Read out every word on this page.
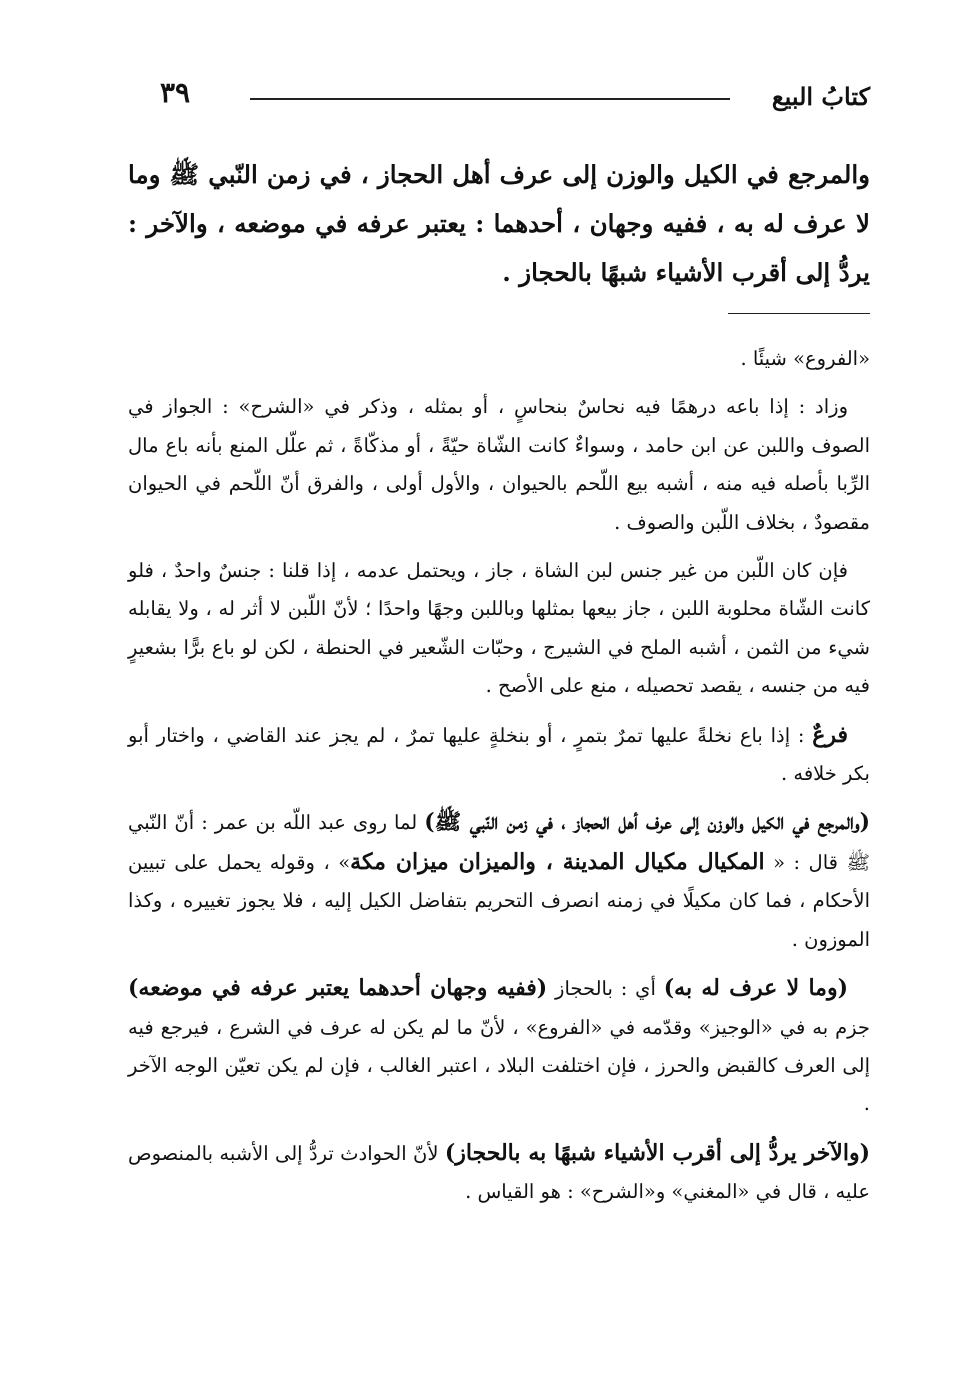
كتابُ البيع
٣٩
والمرجع في الكيل والوزن إلى عرف أهل الحجاز ، في زمن النّبي ﷺ وما لا عرف له به ، ففيه وجهان ، أحدهما : يعتبر عرفه في موضعه ، والآخر : يردُّ إلى أقرب الأشياء شبهًا بالحجاز .

«الفروع» شيئًا .

وزاد : إذا باعه درهمًا فيه نحاسٌ بنحاسٍ ، أو بمثله ، وذكر في «الشرح» : الجواز في الصوف واللبن عن ابن حامد ، وسواءٌ كانت الشّاة حيّةً ، أو مذكّاةً ، ثم علّل المنع بأنه باع مال الرِّبا بأصله فيه منه ، أشبه بيع اللّحم بالحيوان ، والأول أولى ، والفرق أنّ اللّحم في الحيوان مقصودٌ ، بخلاف اللّبن والصوف .

فإن كان اللّبن من غير جنس لبن الشاة ، جاز ، ويحتمل عدمه ، إذا قلنا : جنسٌ واحدٌ ، فلو كانت الشّاة محلوبة اللبن ، جاز بيعها بمثلها وباللبن وجهًا واحدًا ؛ لأنّ اللّبن لا أثر له ، ولا يقابله شيء من الثمن ، أشبه الملح في الشيرج ، وحبّات الشّعير في الحنطة ، لكن لو باع برًّا بشعيرٍ فيه من جنسه ، يقصد تحصيله ، منع على الأصح .

فرعٌ : إذا باع نخلةً عليها تمرٌ بتمرٍ ، أو بنخلةٍ عليها تمرٌ ، لم يجز عند القاضي ، واختار أبو بكر خلافه .

(والمرجع في الكيل والوزن إلى عرف أهل الحجاز ، في زمن النّبي ﷺ) لما روى عبد اللّه بن عمر : أنّ النّبي ﷺ قال : « المكيال مكيال المدينة ، والميزان ميزان مكة» ، وقوله يحمل على تبيين الأحكام ، فما كان مكيلًا في زمنه انصرف التحريم بتفاضل الكيل إليه ، فلا يجوز تغييره ، وكذا الموزون .

(وما لا عرف له به) أي : بالحجاز (ففيه وجهان أحدهما يعتبر عرفه في موضعه) جزم به في «الوجيز» وقدّمه في «الفروع» ، لأنّ ما لم يكن له عرف في الشرع ، فيرجع فيه إلى العرف كالقبض والحرز ، فإن اختلفت البلاد ، اعتبر الغالب ، فإن لم يكن تعيّن الوجه الآخر .

(والآخر يردُّ إلى أقرب الأشياء شبهًا به بالحجاز) لأنّ الحوادث تردُّ إلى الأشبه بالمنصوص عليه ، قال في «المغني» و«الشرح» : هو القياس .
